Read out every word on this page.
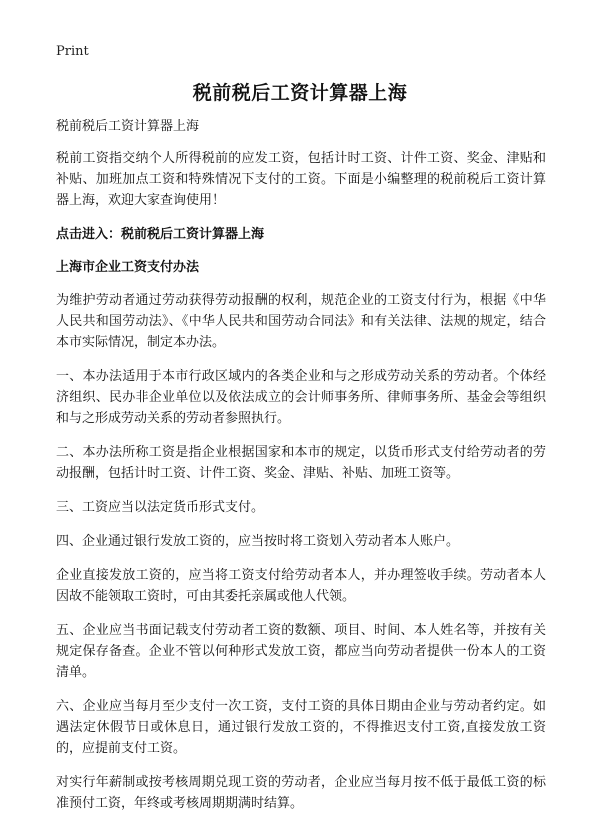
Print
税前税后工资计算器上海

税前税后工资计算器上海

税前工资指交纳个人所得税前的应发工资，包括计时工资、计件工资、奖金、津贴和补贴、加班加点工资和特殊情况下支付的工资。下面是小编整理的税前税后工资计算器上海，欢迎大家查询使用！

点击进入：税前税后工资计算器上海

上海市企业工资支付办法

为维护劳动者通过劳动获得劳动报酬的权利，规范企业的工资支付行为，根据《中华人民共和国劳动法》、《中华人民共和国劳动合同法》和有关法律、法规的规定，结合本市实际情况，制定本办法。

一、本办法适用于本市行政区域内的各类企业和与之形成劳动关系的劳动者。个体经济组织、民办非企业单位以及依法成立的会计师事务所、律师事务所、基金会等组织和与之形成劳动关系的劳动者参照执行。

二、本办法所称工资是指企业根据国家和本市的规定，以货币形式支付给劳动者的劳动报酬，包括计时工资、计件工资、奖金、津贴、补贴、加班工资等。

三、工资应当以法定货币形式支付。

四、企业通过银行发放工资的，应当按时将工资划入劳动者本人账户。

企业直接发放工资的，应当将工资支付给劳动者本人，并办理签收手续。劳动者本人因故不能领取工资时，可由其委托亲属或他人代领。

五、企业应当书面记载支付劳动者工资的数额、项目、时间、本人姓名等，并按有关规定保存备查。企业不管以何种形式发放工资，都应当向劳动者提供一份本人的工资清单。

六、企业应当每月至少支付一次工资，支付工资的具体日期由企业与劳动者约定。如遇法定休假节日或休息日，通过银行发放工资的，不得推迟支付工资,直接发放工资的，应提前支付工资。

对实行年薪制或按考核周期兑现工资的劳动者，企业应当每月按不低于最低工资的标准预付工资，年终或考核周期期满时结算。
